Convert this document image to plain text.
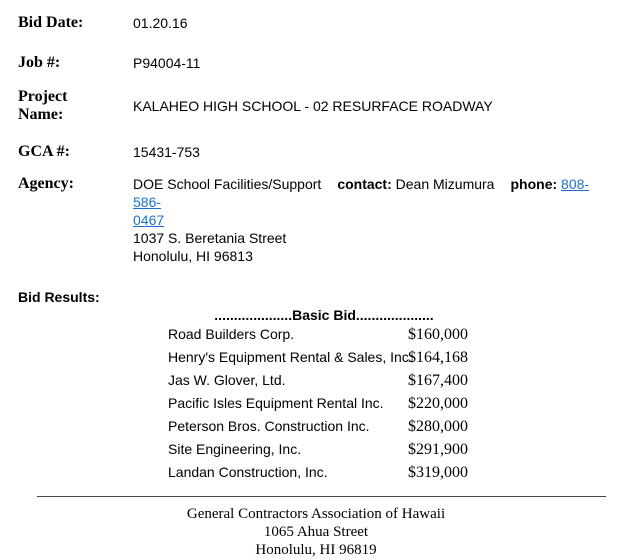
Bid Date:	01.20.16
Job #:	P94004-11
Project Name:	KALAHEO HIGH SCHOOL - 02 RESURFACE ROADWAY
GCA #:	15431-753
Agency:	DOE School Facilities/Support contact: Dean Mizumura phone: 808-586-
0467
1037 S. Beretania Street
Honolulu, HI 96813
Bid Results:
....................Basic Bid....................
Road Builders Corp.	$160,000
Henry's Equipment Rental & Sales, Inc.
$164,168
Jas W. Glover, Ltd.	$167,400
Pacific Isles Equipment Rental Inc.	$220,000
Peterson Bros. Construction Inc.	$280,000
Site Engineering, Inc.	$291,900
Landan Construction, Inc.	$319,000
General Contractors Association of Hawaii
1065 Ahua Street
Honolulu, HI 96819
